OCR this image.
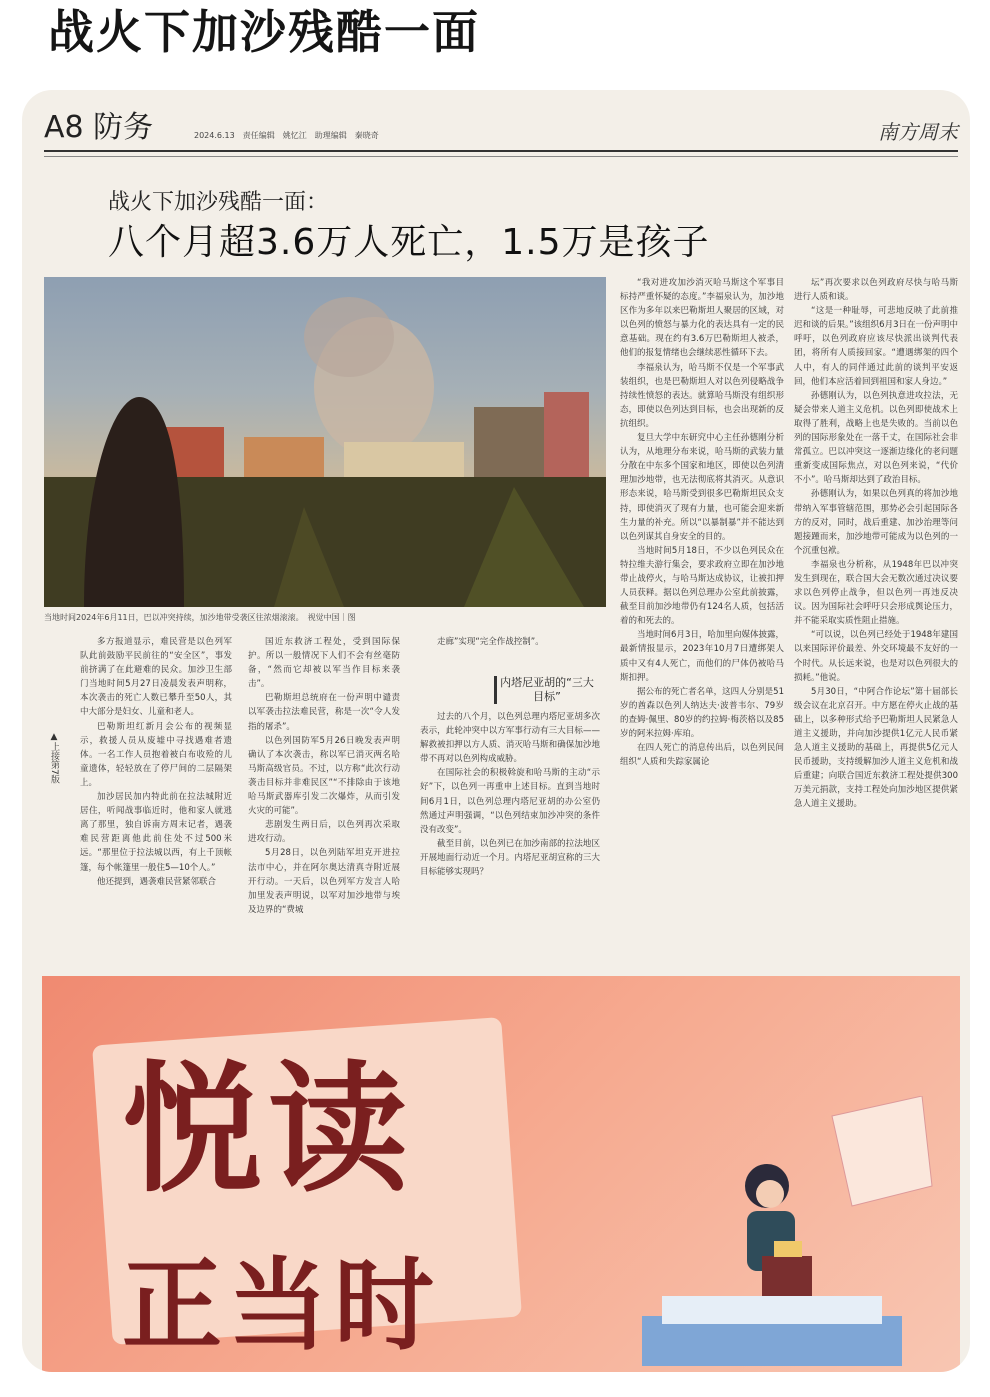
战火下加沙残酷一面
A8 防务	2024.6.13　责任编辑　姚忆江　助理编辑　秦晓奇	南方周末
战火下加沙残酷一面：
八个月超3.6万人死亡，1.5万是孩子
当地时间2024年6月11日，巴以冲突持续，加沙地带受袭区往浓烟滚滚。　视觉中国｜图
▲上接第7版

多方报道显示，难民营是以色列军队此前鼓励平民前往的“安全区”，事发前挤满了在此避难的民众。加沙卫生部门当地时间5月27日凌晨发表声明称，本次袭击的死亡人数已攀升至50人，其中大部分是妇女、儿童和老人。

巴勒斯坦红新月会公布的视频显示，救援人员从废墟中寻找遇难者遗体。一名工作人员抱着被白布收殓的儿童遗体，轻轻放在了停尸间的二层隔架上。

加沙居民加内特此前在拉法城附近居住，听闻战事临近时，他和家人就逃离了那里，独自诉南方周末记者，遇袭难民营距离他此前住处不过500米远。“那里位于拉法城以西，有上千顶帐篷，每个帐篷里一般住5—10个人。”

他还提到，遇袭难民营紧邻联合

国近东救济工程处，受到国际保护。所以一般情况下人们不会有丝毫防备，“然而它却被以军当作目标来袭击”。

巴勒斯坦总统府在一份声明中谴责以军袭击拉法难民营，称是一次“令人发指的屠杀”。

以色列国防军5月26日晚发表声明确认了本次袭击，称以军已消灭两名哈马斯高级官员。不过，以方称“此次行动袭击目标并非难民区”“不排除由于该地哈马斯武器库引发二次爆炸，从而引发火灾的可能”。

悲剧发生两日后，以色列再次采取进攻行动。

5月28日，以色列陆军坦克开进拉法市中心，并在阿尔奥达清真寺附近展开行动。一天后，以色列军方发言人哈加里发表声明说，以军对加沙地带与埃及边界的“费城

走廊”实现“完全作战控制”。

内塔尼亚胡的“三大目标”

过去的八个月，以色列总理内塔尼亚胡多次表示，此轮冲突中以方军事行动有三大目标——解救被扣押以方人质、消灭哈马斯和确保加沙地带不再对以色列构成威胁。

在国际社会的积极斡旋和哈马斯的主动“示好”下，以色列一再重申上述目标。直到当地时间6月1日，以色列总理内塔尼亚胡的办公室仍然通过声明强调，“以色列结束加沙冲突的条件没有改变”。

截至目前，以色列已在加沙南部的拉法地区开展地面行动近一个月。内塔尼亚胡宣称的三大目标能够实现吗？

“我对进攻加沙消灭哈马斯这个军事目标持严重怀疑的态度。”李福泉认为，加沙地区作为多年以来巴勒斯坦人聚居的区域，对以色列的愤怒与暴力化的表达具有一定的民意基础。现在约有3.6万巴勒斯坦人被杀，他们的报复情绪也会继续恶性循环下去。

李福泉认为，哈马斯不仅是一个军事武装组织，也是巴勒斯坦人对以色列侵略战争持续性愤怒的表达。就算哈马斯没有组织形态，即使以色列达到目标，也会出现新的反抗组织。

复旦大学中东研究中心主任孙德刚分析认为，从地理分布来说，哈马斯的武装力量分散在中东多个国家和地区，即使以色列清理加沙地带，也无法彻底将其消灭。从意识形态来说，哈马斯受到很多巴勒斯坦民众支持，即使消灭了现有力量，也可能会迎来新生力量的补充。所以“以暴制暴”并不能达到以色列谋其自身安全的目的。

当地时间5月18日，不少以色列民众在特拉维夫游行集会，要求政府立即在加沙地带止战停火，与哈马斯达成协议，让被扣押人员获释。据以色列总理办公室此前披露，截至目前加沙地带仍有124名人质，包括活着的和死去的。

当地时间6月3日，哈加里向媒体披露，最新情报显示，2023年10月7日遭绑架人质中又有4人死亡，而他们的尸体仍被哈马斯扣押。

据公布的死亡者名单，这四人分别是51岁的酋森以色列人纳达夫·波普韦尔、79岁的查姆·佩里、80岁的约拉姆·梅茨格以及85岁的阿米拉姆·库珀。

在四人死亡的消息传出后，以色列民间组织“人质和失踪家属论

坛”再次要求以色列政府尽快与哈马斯进行人质和谈。

“这是一种耻辱，可悲地反映了此前推迟和谈的后果。”该组织6月3日在一份声明中呼吁，以色列政府应该尽快派出谈判代表团，将所有人质接回家。“遭遇绑架的四个人中，有人的同伴通过此前的谈判平安返回，他们本应活着回到祖国和家人身边。”

孙德刚认为，以色列执意进攻拉法，无疑会带来人道主义危机。以色列即使战术上取得了胜利，战略上也是失败的。当前以色列的国际形象处在一落千丈，在国际社会非常孤立。巴以冲突这一逐渐边缘化的老问题重新变成国际焦点，对以色列来说，“代价不小”。哈马斯却达到了政治目标。

孙德刚认为，如果以色列真的将加沙地带纳入军事管辖范围，那势必会引起国际各方的反对，同时，战后重建、加沙治理等问题接踵而来，加沙地带可能成为以色列的一个沉重包袱。

李福泉也分析称，从1948年巴以冲突发生到现在，联合国大会无数次通过决议要求以色列停止战争，但以色列一再违反决议。因为国际社会呼吁只会形成舆论压力，并不能采取实质性阻止措施。

“可以说，以色列已经处于1948年建国以来国际评价最差、外交环境最不友好的一个时代。从长远来说，也是对以色列很大的损耗。”他说。

5月30日，“中阿合作论坛”第十届部长级会议在北京召开。中方愿在停火止战的基础上，以多种形式给予巴勒斯坦人民紧急人道主义援助，并向加沙提供1亿元人民币紧急人道主义援助的基础上，再提供5亿元人民币援助，支持缓解加沙人道主义危机和战后重建；向联合国近东救济工程处提供300万美元捐款，支持工程处向加沙地区提供紧急人道主义援助。

悦读
正当时
